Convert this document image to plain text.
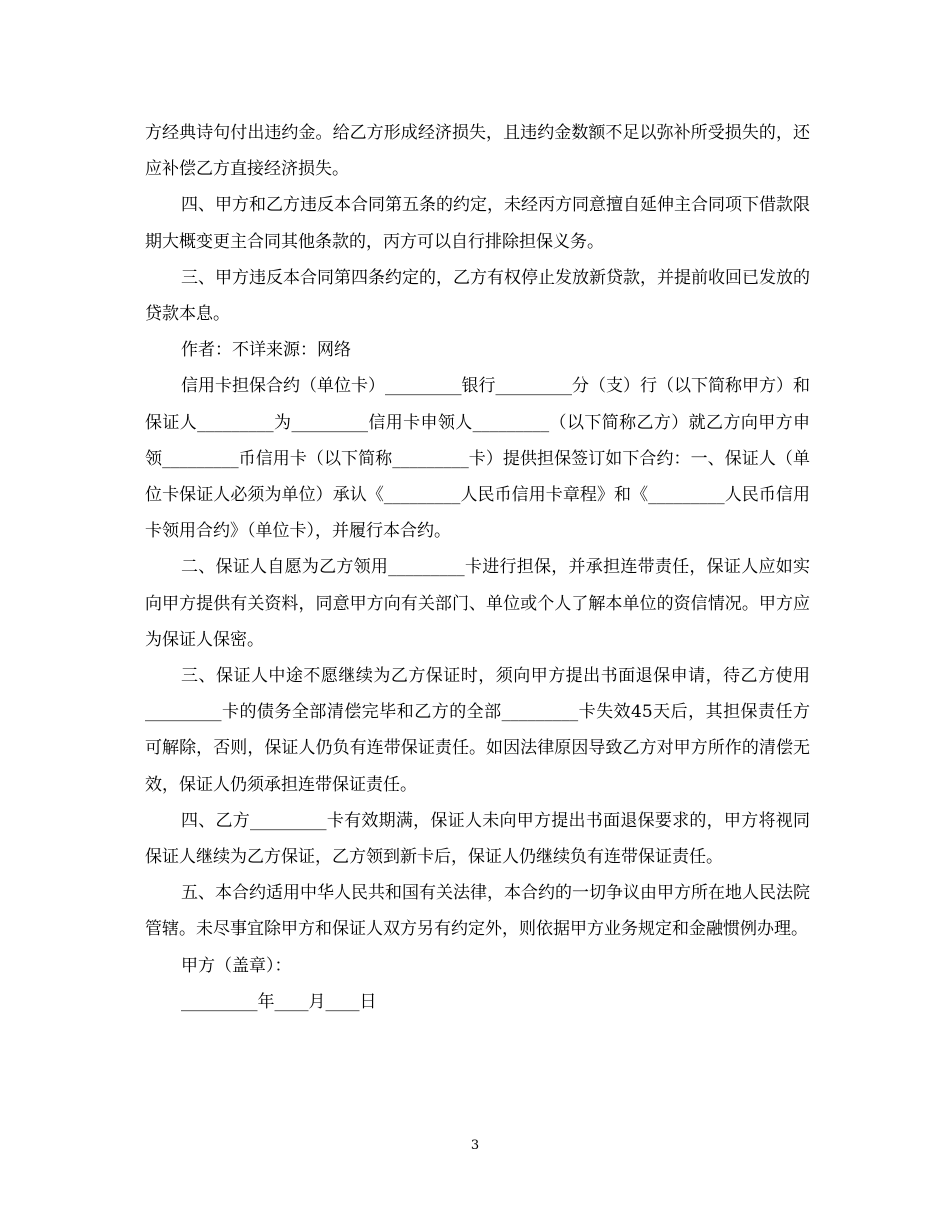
方经典诗句付出违约金。给乙方形成经济损失，且违约金数额不足以弥补所受损失的，还应补偿乙方直接经济损失。

四、甲方和乙方违反本合同第五条的约定，未经丙方同意擅自延伸主合同项下借款限期大概变更主合同其他条款的，丙方可以自行排除担保义务。

三、甲方违反本合同第四条约定的，乙方有权停止发放新贷款，并提前收回已发放的贷款本息。

作者：不详来源：网络

信用卡担保合约（单位卡）_________银行_________分（支）行（以下简称甲方）和保证人_________为_________信用卡申领人_________（以下简称乙方）就乙方向甲方申领_________币信用卡（以下简称_________卡）提供担保签订如下合约：一、保证人（单位卡保证人必须为单位）承认《_________人民币信用卡章程》和《_________人民币信用卡领用合约》（单位卡），并履行本合约。

二、保证人自愿为乙方领用_________卡进行担保，并承担连带责任，保证人应如实向甲方提供有关资料，同意甲方向有关部门、单位或个人了解本单位的资信情况。甲方应为保证人保密。

三、保证人中途不愿继续为乙方保证时，须向甲方提出书面退保申请，待乙方使用_________卡的债务全部清偿完毕和乙方的全部_________卡失效45天后，其担保责任方可解除，否则，保证人仍负有连带保证责任。如因法律原因导致乙方对甲方所作的清偿无效，保证人仍须承担连带保证责任。

四、乙方_________卡有效期满，保证人未向甲方提出书面退保要求的，甲方将视同保证人继续为乙方保证，乙方领到新卡后，保证人仍继续负有连带保证责任。

五、本合约适用中华人民共和国有关法律，本合约的一切争议由甲方所在地人民法院管辖。未尽事宜除甲方和保证人双方另有约定外，则依据甲方业务规定和金融惯例办理。

甲方（盖章）：

_________年____月____日

3
